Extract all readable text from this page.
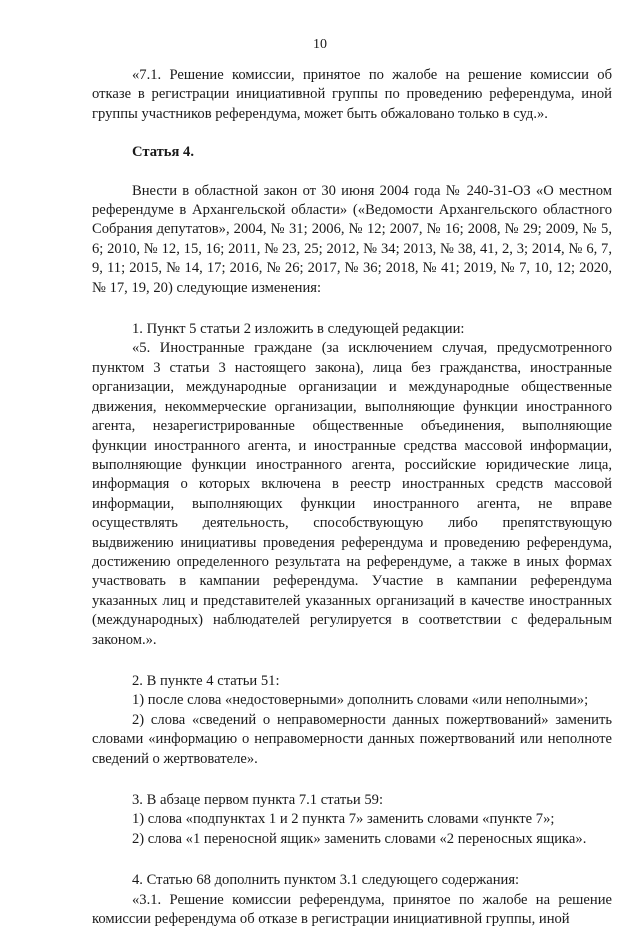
10

«7.1. Решение комиссии, принятое по жалобе на решение комиссии об отказе в регистрации инициативной группы по проведению референдума, иной группы участников референдума, может быть обжаловано только в суд.».

Статья 4.

Внести в областной закон от 30 июня 2004 года № 240-31-ОЗ «О местном референдуме в Архангельской области» («Ведомости Архангельского областного Собрания депутатов», 2004, № 31; 2006, № 12; 2007, № 16; 2008, № 29; 2009, № 5, 6; 2010, № 12, 15, 16; 2011, № 23, 25; 2012, № 34; 2013, № 38, 41, 2, 3; 2014, № 6, 7, 9, 11; 2015, № 14, 17; 2016, № 26; 2017, № 36; 2018, № 41; 2019, № 7, 10, 12; 2020, № 17, 19, 20) следующие изменения:

1. Пункт 5 статьи 2 изложить в следующей редакции:

«5. Иностранные граждане (за исключением случая, предусмотренного пунктом 3 статьи 3 настоящего закона), лица без гражданства, иностранные организации, международные организации и международные общественные движения, некоммерческие организации, выполняющие функции иностранного агента, незарегистрированные общественные объединения, выполняющие функции иностранного агента, и иностранные средства массовой информации, выполняющие функции иностранного агента, российские юридические лица, информация о которых включена в реестр иностранных средств массовой информации, выполняющих функции иностранного агента, не вправе осуществлять деятельность, способствующую либо препятствующую выдвижению инициативы проведения референдума и проведению референдума, достижению определенного результата на референдуме, а также в иных формах участвовать в кампании референдума. Участие в кампании референдума указанных лиц и представителей указанных организаций в качестве иностранных (международных) наблюдателей регулируется в соответствии с федеральным законом.».

2. В пункте 4 статьи 51:

1) после слова «недостоверными» дополнить словами «или неполными»;

2) слова «сведений о неправомерности данных пожертвований» заменить словами «информацию о неправомерности данных пожертвований или неполноте сведений о жертвователе».

3. В абзаце первом пункта 7.1 статьи 59:

1) слова «подпунктах 1 и 2 пункта 7» заменить словами «пункте 7»;

2) слова «1 переносной ящик» заменить словами «2 переносных ящика».

4. Статью 68 дополнить пунктом 3.1 следующего содержания:

«3.1. Решение комиссии референдума, принятое по жалобе на решение комиссии референдума об отказе в регистрации инициативной группы, иной
